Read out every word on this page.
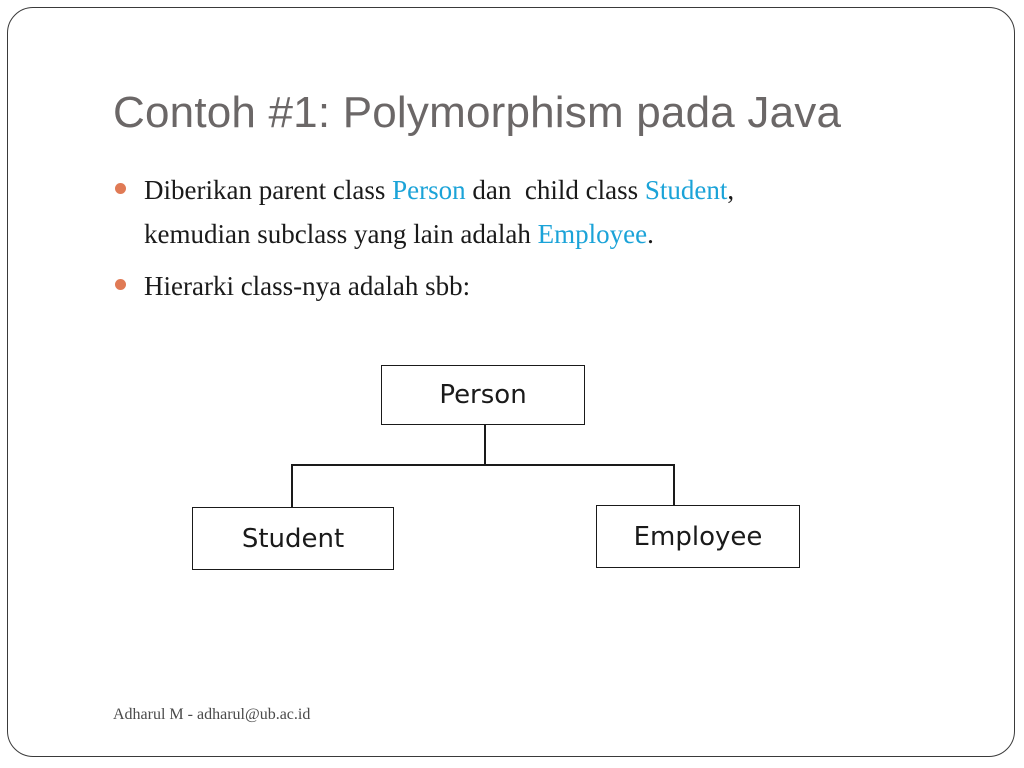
Contoh #1: Polymorphism pada Java
Diberikan parent class Person dan  child class Student,
kemudian subclass yang lain adalah Employee.
Hierarki class-nya adalah sbb:
Person
Student	Employee
Adharul M - adharul@ub.ac.id
